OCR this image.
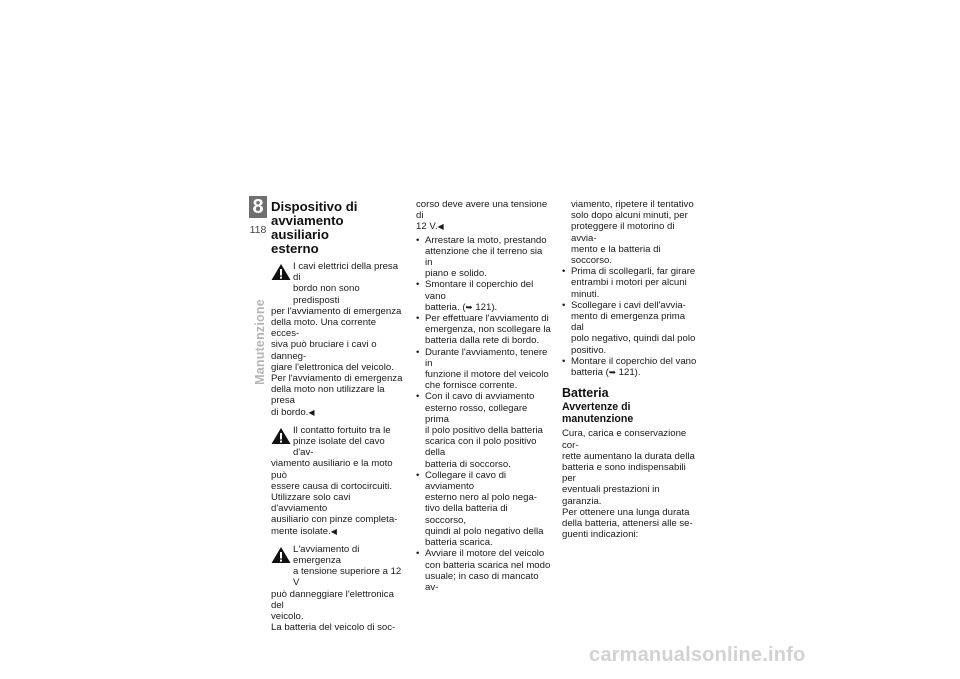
8
118
Manutenzione
Dispositivo di
avviamento ausiliario
esterno
I cavi elettrici della presa di
bordo non sono predisposti
per l'avviamento di emergenza
della moto. Una corrente ecces-
siva può bruciare i cavi o danneg-
giare l'elettronica del veicolo.
Per l'avviamento di emergenza
della moto non utilizzare la presa
di bordo.◀
Il contatto fortuito tra le
pinze isolate del cavo d'av-
viamento ausiliario e la moto può
essere causa di cortocircuiti.
Utilizzare solo cavi d'avviamento
ausiliario con pinze completa-
mente isolate.◀
L'avviamento di emergenza
a tensione superiore a 12 V
può danneggiare l'elettronica del
veicolo.
La batteria del veicolo di soc-
corso deve avere una tensione di
12 V.◀
• Arrestare la moto, prestando
attenzione che il terreno sia in
piano e solido.
• Smontare il coperchio del vano
batteria. (➥ 121).
• Per effettuare l'avviamento di
emergenza, non scollegare la
batteria dalla rete di bordo.
• Durante l'avviamento, tenere in
funzione il motore del veicolo
che fornisce corrente.
• Con il cavo di avviamento
esterno rosso, collegare prima
il polo positivo della batteria
scarica con il polo positivo della
batteria di soccorso.
• Collegare il cavo di avviamento
esterno nero al polo nega-
tivo della batteria di soccorso,
quindi al polo negativo della
batteria scarica.
• Avviare il motore del veicolo
con batteria scarica nel modo
usuale; in caso di mancato av-
viamento, ripetere il tentativo
solo dopo alcuni minuti, per
proteggere il motorino di avvia-
mento e la batteria di soccorso.
• Prima di scollegarli, far girare
entrambi i motori per alcuni
minuti.
• Scollegare i cavi dell'avvia-
mento di emergenza prima dal
polo negativo, quindi dal polo
positivo.
• Montare il coperchio del vano
batteria (➥ 121).
Batteria
Avvertenze di
manutenzione
Cura, carica e conservazione cor-
rette aumentano la durata della
batteria e sono indispensabili per
eventuali prestazioni in garanzia.
Per ottenere una lunga durata
della batteria, attenersi alle se-
guenti indicazioni:
carmanualsonline.info
